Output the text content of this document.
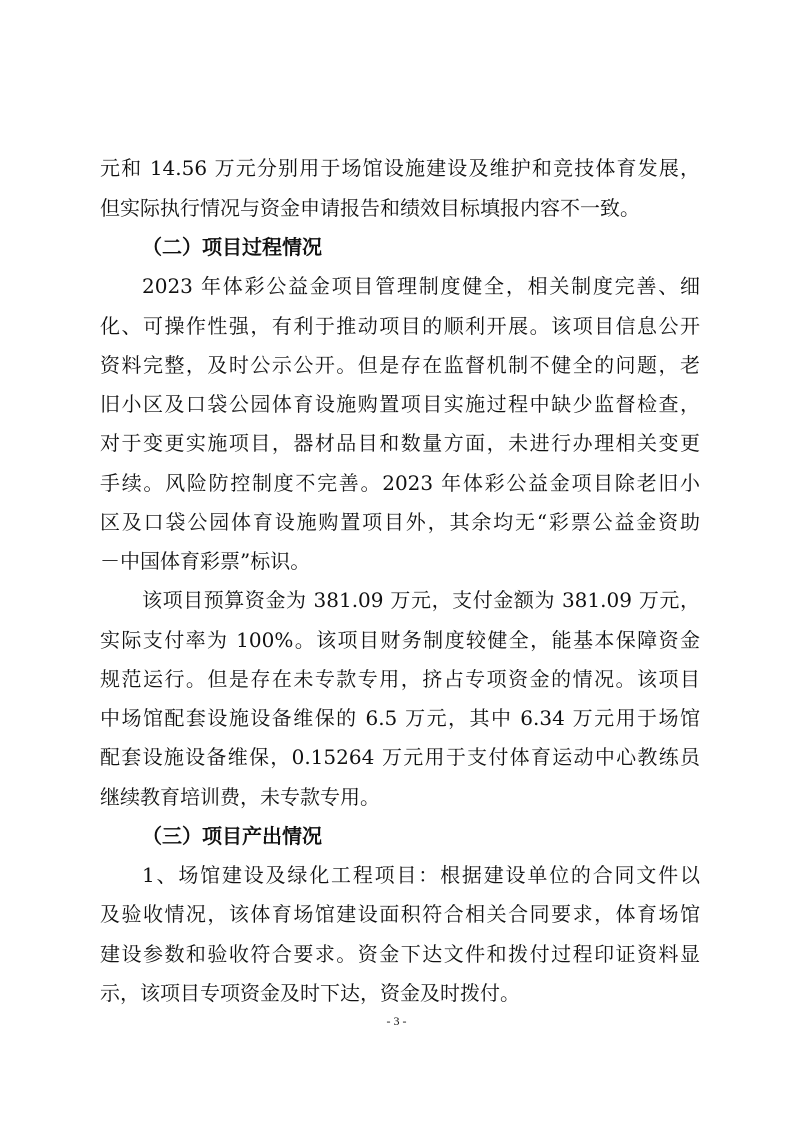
元和 14.56 万元分别用于场馆设施建设及维护和竞技体育发展，
但实际执行情况与资金申请报告和绩效目标填报内容不一致。
（二）项目过程情况
2023 年体彩公益金项目管理制度健全，相关制度完善、细
化、可操作性强，有利于推动项目的顺利开展。该项目信息公开
资料完整，及时公示公开。但是存在监督机制不健全的问题，老
旧小区及口袋公园体育设施购置项目实施过程中缺少监督检查，
对于变更实施项目，器材品目和数量方面，未进行办理相关变更
手续。风险防控制度不完善。2023 年体彩公益金项目除老旧小
区及口袋公园体育设施购置项目外，其余均无“彩票公益金资助
－中国体育彩票”标识。
该项目预算资金为 381.09 万元，支付金额为 381.09 万元，
实际支付率为 100%。该项目财务制度较健全，能基本保障资金
规范运行。但是存在未专款专用，挤占专项资金的情况。该项目
中场馆配套设施设备维保的 6.5 万元，其中 6.34 万元用于场馆
配套设施设备维保，0.15264 万元用于支付体育运动中心教练员
继续教育培训费，未专款专用。
（三）项目产出情况
1、场馆建设及绿化工程项目：根据建设单位的合同文件以
及验收情况，该体育场馆建设面积符合相关合同要求，体育场馆
建设参数和验收符合要求。资金下达文件和拨付过程印证资料显
示，该项目专项资金及时下达，资金及时拨付。
- 3 -
